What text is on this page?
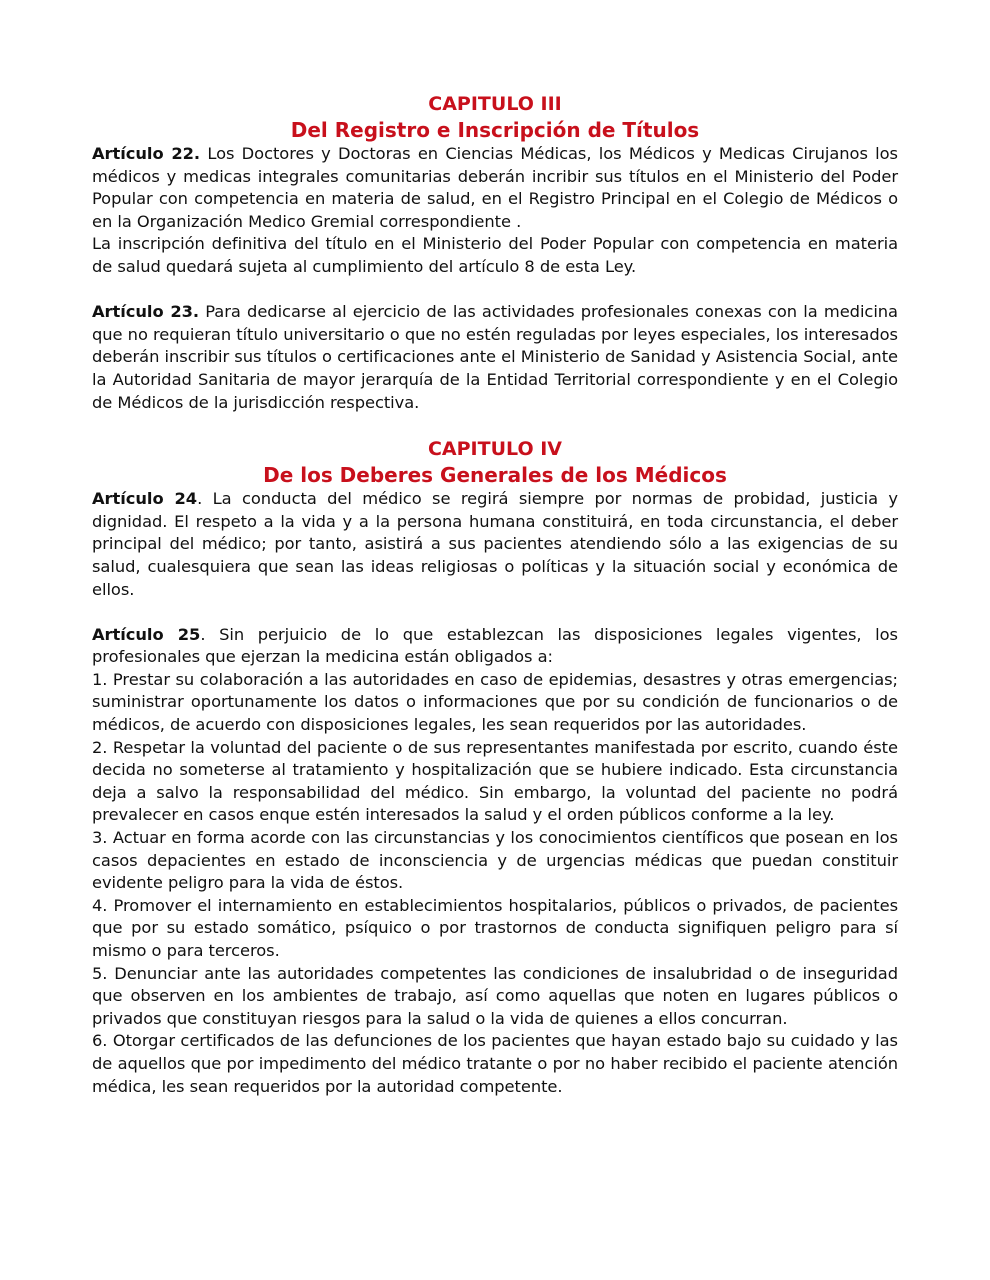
CAPITULO III
Del Registro e Inscripción de Títulos

Artículo 22. Los Doctores y Doctoras en Ciencias Médicas, los Médicos y Medicas Cirujanos los médicos y medicas integrales comunitarias deberán incribir sus títulos en el Ministerio del Poder Popular con competencia en materia de salud, en el Registro Principal en el Colegio de Médicos o en la Organización Medico Gremial correspondiente .

La inscripción definitiva del título en el Ministerio del Poder Popular con competencia en materia de salud quedará sujeta al cumplimiento del artículo 8 de esta Ley.

Artículo 23. Para dedicarse al ejercicio de las actividades profesionales conexas con la medicina que no requieran título universitario o que no estén reguladas por leyes especiales, los interesados deberán inscribir sus títulos o certificaciones ante el Ministerio de Sanidad y Asistencia Social, ante la Autoridad Sanitaria de mayor jerarquía de la Entidad Territorial correspondiente y en el Colegio de Médicos de la jurisdicción respectiva.

CAPITULO IV
De los Deberes Generales de los Médicos

Artículo 24. La conducta del médico se regirá siempre por normas de probidad, justicia y dignidad. El respeto a la vida y a la persona humana constituirá, en toda circunstancia, el deber principal del médico; por tanto, asistirá a sus pacientes atendiendo sólo a las exigencias de su salud, cualesquiera que sean las ideas religiosas o políticas y la situación social y económica de ellos.

Artículo 25. Sin perjuicio de lo que establezcan las disposiciones legales vigentes, los profesionales que ejerzan la medicina están obligados a:

1. Prestar su colaboración a las autoridades en caso de epidemias, desastres y otras emergencias; suministrar oportunamente los datos o informaciones que por su condición de funcionarios o de médicos, de acuerdo con disposiciones legales, les sean requeridos por las autoridades.

2. Respetar la voluntad del paciente o de sus representantes manifestada por escrito, cuando éste decida no someterse al tratamiento y hospitalización que se hubiere indicado. Esta circunstancia deja a salvo la responsabilidad del médico. Sin embargo, la voluntad del paciente no podrá prevalecer en casos enque estén interesados la salud y el orden públicos conforme a la ley.

3. Actuar en forma acorde con las circunstancias y los conocimientos científicos que posean en los casos depacientes en estado de inconsciencia y de urgencias médicas que puedan constituir evidente peligro para la vida de éstos.

4. Promover el internamiento en establecimientos hospitalarios, públicos o privados, de pacientes que por su estado somático, psíquico o por trastornos de conducta signifiquen peligro para sí mismo o para terceros.

5. Denunciar ante las autoridades competentes las condiciones de insalubridad o de inseguridad que observen en los ambientes de trabajo, así como aquellas que noten en lugares públicos o privados que constituyan riesgos para la salud o la vida de quienes a ellos concurran.

6. Otorgar certificados de las defunciones de los pacientes que hayan estado bajo su cuidado y las de aquellos que por impedimento del médico tratante o por no haber recibido el paciente atención médica, les sean requeridos por la autoridad competente.
